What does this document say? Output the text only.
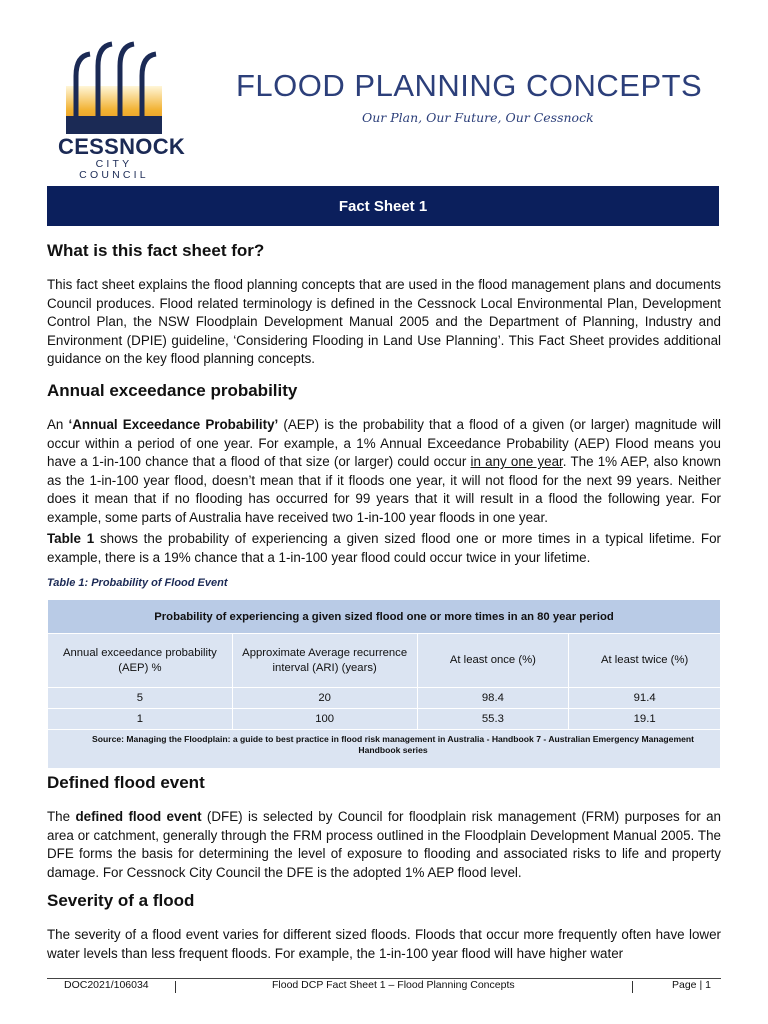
CESSNOCK
CITY COUNCIL
FLOOD PLANNING CONCEPTS
Our Plan, Our Future, Our Cessnock
Fact Sheet 1
What is this fact sheet for?
This fact sheet explains the flood planning concepts that are used in the flood management plans and documents Council produces. Flood related terminology is defined in the Cessnock Local Environmental Plan, Development Control Plan, the NSW Floodplain Development Manual 2005 and the Department of Planning, Industry and Environment (DPIE) guideline, ‘Considering Flooding in Land Use Planning’. This Fact Sheet provides additional guidance on the key flood planning concepts.
Annual exceedance probability
An ‘Annual Exceedance Probability’ (AEP) is the probability that a flood of a given (or larger) magnitude will occur within a period of one year. For example, a 1% Annual Exceedance Probability (AEP) Flood means you have a 1-in-100 chance that a flood of that size (or larger) could occur in any one year. The 1% AEP, also known as the 1-in-100 year flood, doesn’t mean that if it floods one year, it will not flood for the next 99 years. Neither does it mean that if no flooding has occurred for 99 years that it will result in a flood the following year. For example, some parts of Australia have received two 1-in-100 year floods in one year.
Table 1 shows the probability of experiencing a given sized flood one or more times in a typical lifetime. For example, there is a 19% chance that a 1-in-100 year flood could occur twice in your lifetime.
Table 1: Probability of Flood Event
Probability of experiencing a given sized flood one or more times in an 80 year period			
Annual exceedance probability (AEP) %	Approximate Average recurrence interval (ARI) (years)	At least once (%)	At least twice (%)
5	20	98.4	91.4
1	100	55.3	19.1
Source: Managing the Floodplain: a guide to best practice in flood risk management in Australia - Handbook 7 - Australian Emergency Management Handbook series			
Defined flood event
The defined flood event (DFE) is selected by Council for floodplain risk management (FRM) purposes for an area or catchment, generally through the FRM process outlined in the Floodplain Development Manual 2005. The DFE forms the basis for determining the level of exposure to flooding and associated risks to life and property damage. For Cessnock City Council the DFE is the adopted 1% AEP flood level.
Severity of a flood
The severity of a flood event varies for different sized floods. Floods that occur more frequently often have lower water levels than less frequent floods. For example, the 1-in-100 year flood will have higher water
DOC2021/106034	Flood DCP Fact Sheet 1 – Flood Planning Concepts	Page | 1
